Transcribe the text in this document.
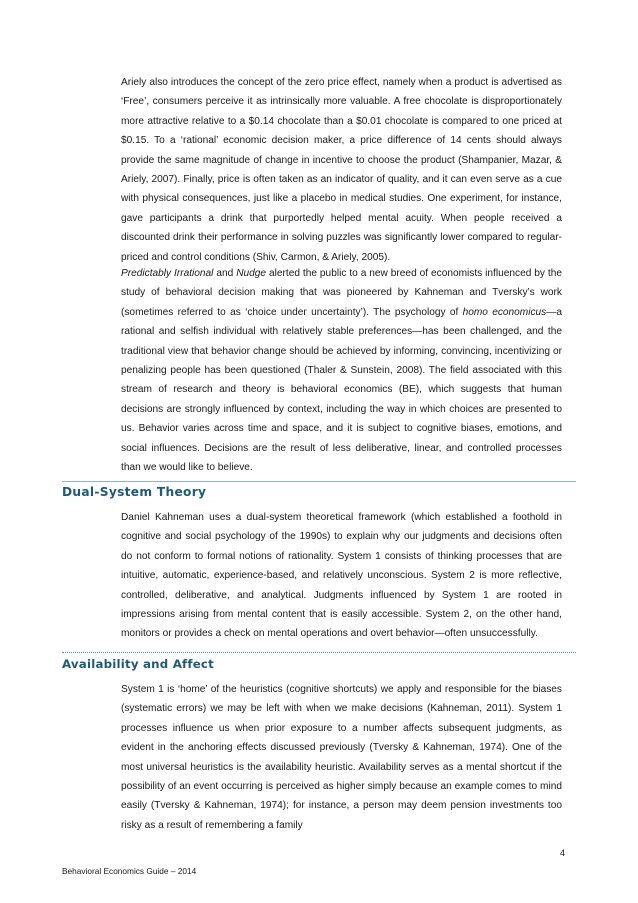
Ariely also introduces the concept of the zero price effect, namely when a product is advertised as ‘Free’, consumers perceive it as intrinsically more valuable. A free chocolate is disproportionately more attractive relative to a $0.14 chocolate than a $0.01 chocolate is compared to one priced at $0.15. To a ‘rational’ economic decision maker, a price difference of 14 cents should always provide the same magnitude of change in incentive to choose the product (Shampanier, Mazar, & Ariely, 2007). Finally, price is often taken as an indicator of quality, and it can even serve as a cue with physical consequences, just like a placebo in medical studies. One experiment, for instance, gave participants a drink that purportedly helped mental acuity. When people received a discounted drink their performance in solving puzzles was significantly lower compared to regular-priced and control conditions (Shiv, Carmon, & Ariely, 2005).

Predictably Irrational and Nudge alerted the public to a new breed of economists influenced by the study of behavioral decision making that was pioneered by Kahneman and Tversky’s work (sometimes referred to as ‘choice under uncertainty’). The psychology of homo economicus—a rational and selfish individual with relatively stable preferences—has been challenged, and the traditional view that behavior change should be achieved by informing, convincing, incentivizing or penalizing people has been questioned (Thaler & Sunstein, 2008). The field associated with this stream of research and theory is behavioral economics (BE), which suggests that human decisions are strongly influenced by context, including the way in which choices are presented to us. Behavior varies across time and space, and it is subject to cognitive biases, emotions, and social influences. Decisions are the result of less deliberative, linear, and controlled processes than we would like to believe.

Dual-System Theory

Daniel Kahneman uses a dual-system theoretical framework (which established a foothold in cognitive and social psychology of the 1990s) to explain why our judgments and decisions often do not conform to formal notions of rationality. System 1 consists of thinking processes that are intuitive, automatic, experience-based, and relatively unconscious. System 2 is more reflective, controlled, deliberative, and analytical. Judgments influenced by System 1 are rooted in impressions arising from mental content that is easily accessible. System 2, on the other hand, monitors or provides a check on mental operations and overt behavior—often unsuccessfully.

Availability and Affect

System 1 is ‘home’ of the heuristics (cognitive shortcuts) we apply and responsible for the biases (systematic errors) we may be left with when we make decisions (Kahneman, 2011). System 1 processes influence us when prior exposure to a number affects subsequent judgments, as evident in the anchoring effects discussed previously (Tversky & Kahneman, 1974). One of the most universal heuristics is the availability heuristic. Availability serves as a mental shortcut if the possibility of an event occurring is perceived as higher simply because an example comes to mind easily (Tversky & Kahneman, 1974); for instance, a person may deem pension investments too risky as a result of remembering a family

4

Behavioral Economics Guide – 2014
